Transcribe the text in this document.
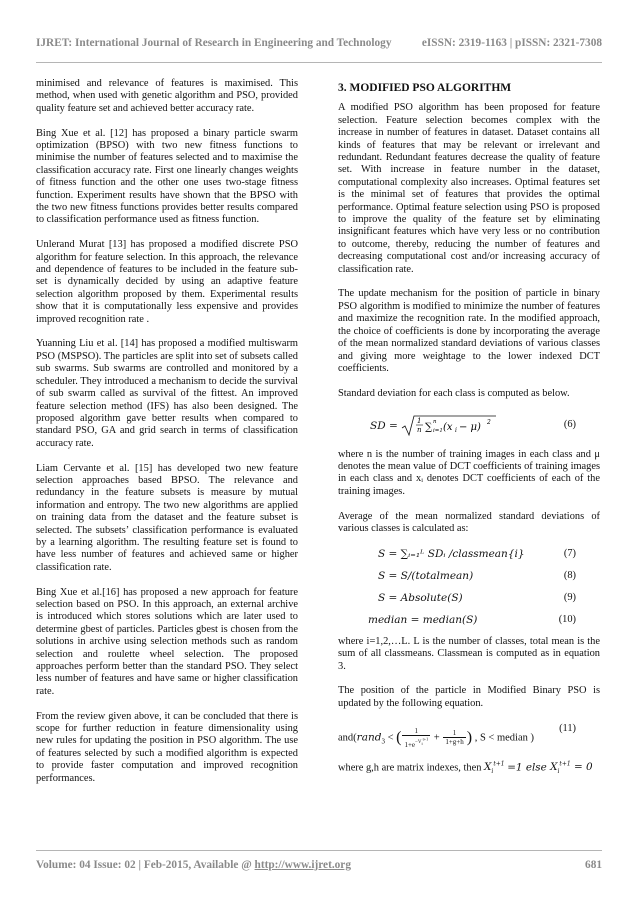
IJRET: International Journal of Research in Engineering and Technology	eISSN: 2319-1163 | pISSN: 2321-7308

minimised and relevance of features is maximised. This method, when used with genetic algorithm and PSO, provided quality feature set and achieved better accuracy rate.

Bing Xue et al. [12] has proposed a binary particle swarm optimization (BPSO) with two new fitness functions to minimise the number of features selected and to maximise the classification accuracy rate. First one linearly changes weights of fitness function and the other one uses two-stage fitness function. Experiment results have shown that the BPSO with the two new fitness functions provides better results compared to classification performance used as fitness function.

Unlerand Murat [13] has proposed a modified discrete PSO algorithm for feature selection. In this approach, the relevance and dependence of features to be included in the feature sub-set is dynamically decided by using an adaptive feature selection algorithm proposed by them. Experimental results show that it is computationally less expensive and provides improved recognition rate .

Yuanning Liu et al. [14] has proposed a modified multiswarm PSO (MSPSO). The particles are split into set of subsets called sub swarms. Sub swarms are controlled and monitored by a scheduler. They introduced a mechanism to decide the survival of sub swarm called as survival of the fittest. An improved feature selection method (IFS) has also been designed. The proposed algorithm gave better results when compared to standard PSO, GA and grid search in terms of classification accuracy rate.

Liam Cervante et al. [15] has developed two new feature selection approaches based BPSO. The relevance and redundancy in the feature subsets is measure by mutual information and entropy. The two new algorithms are applied on training data from the dataset and the feature subset is selected. The subsets’ classification performance is evaluated by a learning algorithm. The resulting feature set is found to have less number of features and achieved same or higher classification rate.

Bing Xue et al.[16] has proposed a new approach for feature selection based on PSO. In this approach, an external archive is introduced which stores solutions which are later used to determine gbest of particles. Particles gbest is chosen from the solutions in archive using selection methods such as random selection and roulette wheel selection. The proposed approaches perform better than the standard PSO. They select less number of features and have same or higher classification rate.

From the review given above, it can be concluded that there is scope for further reduction in feature dimensionality using new rules for updating the position in PSO algorithm. The use of features selected by such a modified algorithm is expected to provide faster computation and improved recognition performances.

3. MODIFIED PSO ALGORITHM

A modified PSO algorithm has been proposed for feature selection. Feature selection becomes complex with the increase in number of features in dataset. Dataset contains all kinds of features that may be relevant or irrelevant and redundant. Redundant features decrease the quality of feature set. With increase in feature number in the dataset, computational complexity also increases. Optimal features set is the minimal set of features that provides the optimal performance. Optimal feature selection using PSO is proposed to improve the quality of the feature set by eliminating insignificant features which have very less or no contribution to outcome, thereby, reducing the number of features and decreasing computational cost and/or increasing accuracy of classification rate.

The update mechanism for the position of particle in binary PSO algorithm is modified to minimize the number of features and maximize the recognition rate. In the modified approach, the choice of coefficients is done by incorporating the average of the mean normalized standard deviations of various classes and giving more weightage to the lower indexed DCT coefficients.

Standard deviation for each class is computed as below.

SD = 1
n ∑ i=1
n (x i − μ) 2	(6)

where n is the number of training images in each class and μ denotes the mean value of DCT coefficients of training images in each class and xᵢ denotes DCT coefficients of each of the training images.

Average of the mean normalized standard deviations of various classes is calculated as:

S = ∑ᵢ₌₁ᴸ SDᵢ /classmean{i}	(7)
S = S/(totalmean)	(8)
S = Absolute(S)	(9)
median = median(S)	(10)

where i=1,2,…L. L is the number of classes, total mean is the sum of all classmeans. Classmean is computed as in equation 3.

The position of the particle in Modified Binary PSO is updated by the following equation.

and(rand$_3$ < ( $\frac{1}{1+e^{-V_i^{t+1}}} + \frac{1}{1+g+h}$ ) , S < median )
(11)

where g,h are matrix indexes, then $X_i^{t+1} =1$ else $X_i^{t+1} = 0$

Volume: 04 Issue: 02 | Feb-2015, Available @ http://www.ijret.org	681
